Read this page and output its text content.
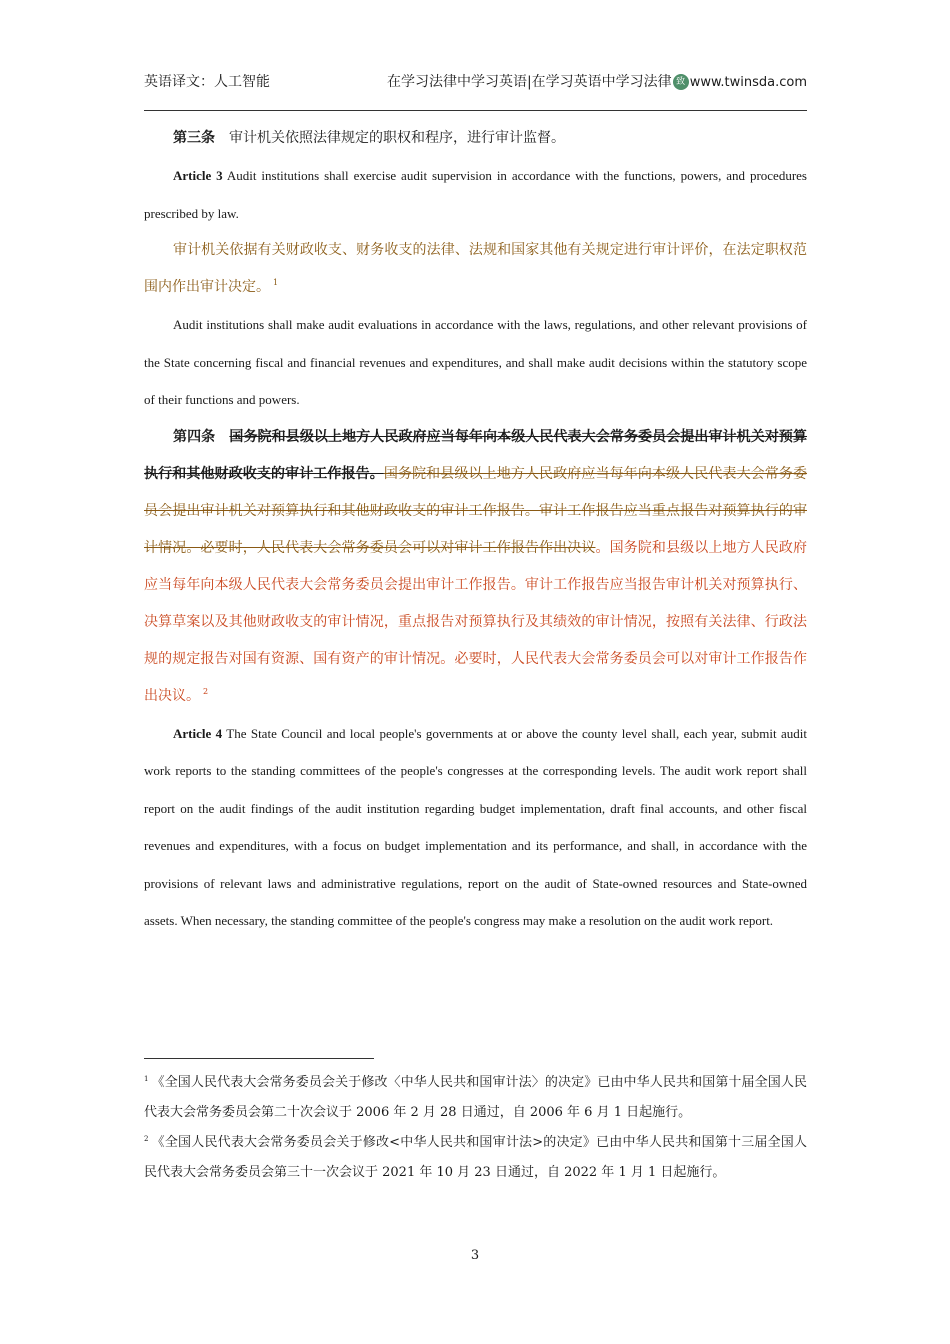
英语译文：人工智能	在学习法律中学习英语|在学习英语中学习法律 致 www.twinsda.com

第三条　 审计机关依照法律规定的职权和程序，进行审计监督。

Article 3 Audit institutions shall exercise audit supervision in accordance with the functions, powers, and procedures prescribed by law.

审计机关依据有关财政收支、财务收支的法律、法规和国家其他有关规定进行审计评价，在法定职权范围内作出审计决定。 $^1$

Audit institutions shall make audit evaluations in accordance with the laws, regulations, and other relevant provisions of the State concerning fiscal and financial revenues and expenditures, and shall make audit decisions within the statutory scope of their functions and powers.

第四条　 国务院和县级以上地方人民政府应当每年向本级人民代表大会常务委员会提出审计机关对预算执行和其他财政收支的审计工作报告。国务院和县级以上地方人民政府应当每年向本级人民代表大会常务委员会提出审计机关对预算执行和其他财政收支的审计工作报告。审计工作报告应当重点报告对预算执行的审计情况。必要时，人民代表大会常务委员会可以对审计工作报告作出决议。国务院和县级以上地方人民政府应当每年向本级人民代表大会常务委员会提出审计工作报告。审计工作报告应当报告审计机关对预算执行、决算草案以及其他财政收支的审计情况，重点报告对预算执行及其绩效的审计情况，按照有关法律、行政法规的规定报告对国有资源、国有资产的审计情况。必要时，人民代表大会常务委员会可以对审计工作报告作出决议。 $^2$

Article 4 The State Council and local people's governments at or above the county level shall, each year, submit audit work reports to the standing committees of the people's congresses at the corresponding levels. The audit work report shall report on the audit findings of the audit institution regarding budget implementation, draft final accounts, and other fiscal revenues and expenditures, with a focus on budget implementation and its performance, and shall, in accordance with the provisions of relevant laws and administrative regulations, report on the audit of State-owned resources and State-owned assets. When necessary, the standing committee of the people's congress may make a resolution on the audit work report.

$^1$ 《全国人民代表大会常务委员会关于修改〈中华人民共和国审计法〉的决定》已由中华人民共和国第十届全国人民代表大会常务委员会第二十次会议于 2006 年 2 月 28 日通过，自 2006 年 6 月 1 日起施行。

$^2$ 《全国人民代表大会常务委员会关于修改<中华人民共和国审计法>的决定》已由中华人民共和国第十三届全国人民代表大会常务委员会第三十一次会议于 2021 年 10 月 23 日通过，自 2022 年 1 月 1 日起施行。

3
